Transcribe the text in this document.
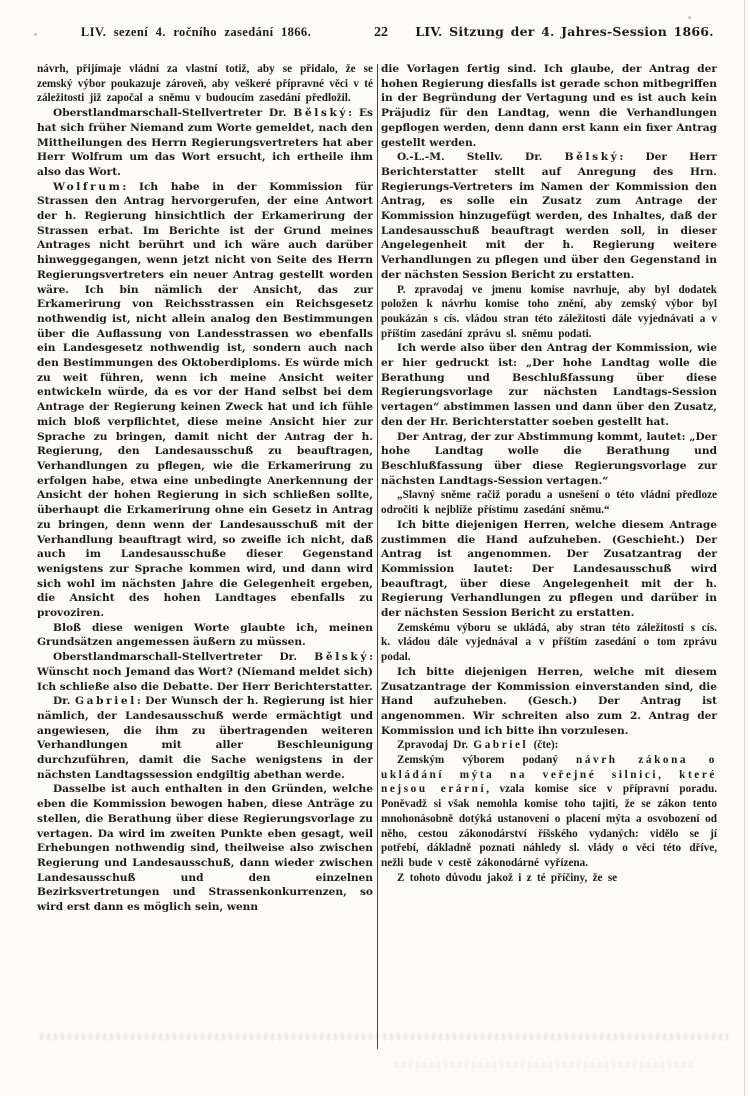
LIV. sezení 4. ročního zasedání 1866.	22	LIV. Sitzung der 4. Jahres-Session 1866.

návrh, přijímaje vládní za vlastní totiž, aby se přidalo, že se zemský výbor poukazuje zároveň, aby veškeré přípravné věci v té záležitosti již započal a sněmu v budoucím zasedání předložil.

Oberstlandmarschall-Stellvertreter Dr. Bělský: Es hat sich früher Niemand zum Worte gemeldet, nach den Mittheilungen des Herrn Regierungsvertreters hat aber Herr Wolfrum um das Wort ersucht, ich ertheile ihm also das Wort.

Wolfrum: Ich habe in der Kommission für Strassen den Antrag hervorgerufen, der eine Antwort der h. Regierung hinsichtlich der Erkamerirung der Strassen erbat. Im Berichte ist der Grund meines Antrages nicht berührt und ich wäre auch darüber hinweggegangen, wenn jetzt nicht von Seite des Herrn Regierungsvertreters ein neuer Antrag gestellt worden wäre. Ich bin nämlich der Ansicht, das zur Erkamerirung von Reichsstrassen ein Reichsgesetz nothwendig ist, nicht allein analog den Bestimmungen über die Auflassung von Landesstrassen wo ebenfalls ein Landesgesetz nothwendig ist, sondern auch nach den Bestimmungen des Oktoberdiploms. Es würde mich zu weit führen, wenn ich meine Ansicht weiter entwickeln würde, da es vor der Hand selbst bei dem Antrage der Regierung keinen Zweck hat und ich fühle mich bloß verpflichtet, diese meine Ansicht hier zur Sprache zu bringen, damit nicht der Antrag der h. Regierung, den Landesausschuß zu beauftragen, Verhandlungen zu pflegen, wie die Erkamerirung zu erfolgen habe, etwa eine unbedingte Anerkennung der Ansicht der hohen Regierung in sich schließen sollte, überhaupt die Erkamerirung ohne ein Gesetz in Antrag zu bringen, denn wenn der Landesausschuß mit der Verhandlung beauftragt wird, so zweifle ich nicht, daß auch im Landesausschuße dieser Gegenstand wenigstens zur Sprache kommen wird, und dann wird sich wohl im nächsten Jahre die Gelegenheit ergeben, die Ansicht des hohen Landtages ebenfalls zu provoziren.

Bloß diese wenigen Worte glaubte ich, meinen Grundsätzen angemessen äußern zu müssen.

Oberstlandmarschall-Stellvertreter Dr. Bělský: Wünscht noch Jemand das Wort? (Niemand meldet sich) Ich schließe also die Debatte. Der Herr Berichterstatter.

Dr. Gabriel: Der Wunsch der h. Regierung ist hier nämlich, der Landesausschuß werde ermächtigt und angewiesen, die ihm zu übertragenden weiteren Verhandlungen mit aller Beschleunigung durchzuführen, damit die Sache wenigstens in der nächsten Landtagssession endgiltig abethan werde.

Dasselbe ist auch enthalten in den Gründen, welche eben die Kommission bewogen haben, diese Anträge zu stellen, die Berathung über diese Regierungsvorlage zu vertagen. Da wird im zweiten Punkte eben gesagt, weil Erhebungen nothwendig sind, theilweise also zwischen Regierung und Landesausschuß, dann wieder zwischen Landesausschuß und den einzelnen Bezirksvertretungen und Strassenkonkurrenzen, so wird erst dann es möglich sein, wenn

die Vorlagen fertig sind. Ich glaube, der Antrag der hohen Regierung diesfalls ist gerade schon mitbegriffen in der Begründung der Vertagung und es ist auch kein Präjudiz für den Landtag, wenn die Verhandlungen gepflogen werden, denn dann erst kann ein fixer Antrag gestellt werden.

O.-L.-M. Stellv. Dr. Bělský: Der Herr Berichterstatter stellt auf Anregung des Hrn. Regierungs-Vertreters im Namen der Kommission den Antrag, es solle ein Zusatz zum Antrage der Kommission hinzugefügt werden, des Inhaltes, daß der Landesausschuß beauftragt werden soll, in dieser Angelegenheit mit der h. Regierung weitere Verhandlungen zu pflegen und über den Gegenstand in der nächsten Session Bericht zu erstatten.

P. zpravodaj ve jmenu komise navrhuje, aby byl dodatek položen k návrhu komise toho znění, aby zemský výbor byl poukázán s cís. vládou stran této záležitosti dále vyjednávati a v příštím zasedání zprávu sl. sněmu podati.

Ich werde also über den Antrag der Kommission, wie er hier gedruckt ist: „Der hohe Landtag wolle die Berathung und Beschlußfassung über diese Regierungsvorlage zur nächsten Landtags-Session vertagen“ abstimmen lassen und dann über den Zusatz, den der Hr. Berichterstatter soeben gestellt hat.

Der Antrag, der zur Abstimmung kommt, lautet: „Der hohe Landtag wolle die Berathung und Beschlußfassung über diese Regierungsvorlage zur nächsten Landtags-Session vertagen.“

„Slavný sněme račiž poradu a usnešení o této vládní předloze odročiti k nejblíže přístímu zasedání sněmu.“

Ich bitte diejenigen Herren, welche diesem Antrage zustimmen die Hand aufzuheben. (Geschieht.) Der Antrag ist angenommen. Der Zusatzantrag der Kommission lautet: Der Landesausschuß wird beauftragt, über diese Angelegenheit mit der h. Regierung Verhandlungen zu pflegen und darüber in der nächsten Session Bericht zu erstatten.

Zemskému výboru se ukládá, aby stran této záležitosti s cís. k. vládou dále vyjednával a v příštím zasedání o tom zprávu podal.

Ich bitte diejenigen Herren, welche mit diesem Zusatzantrage der Kommission einverstanden sind, die Hand aufzuheben. (Gesch.) Der Antrag ist angenommen. Wir schreiten also zum 2. Antrag der Kommission und ich bitte ihn vorzulesen.

Zpravodaj Dr. Gabriel (čte):

Zemským výborem podaný návrh zákona o ukládání mýta na veřejné silnici, které nejsou erární, vzala komise sice v přípravní poradu. Poněvadž si však nemohla komise toho tajiti, že se zákon tento mnohonásobně dotýká ustanovení o placení mýta a osvobození od něho, cestou zákonodárství říšského vydaných: vidělo se jí potřebí, dákladně poznati náhledy sl. vlády o věci této dříve, nežli bude v cestě zákonodárné vyřízena.

Z tohoto důvodu jakož i z té příčiny, že se
